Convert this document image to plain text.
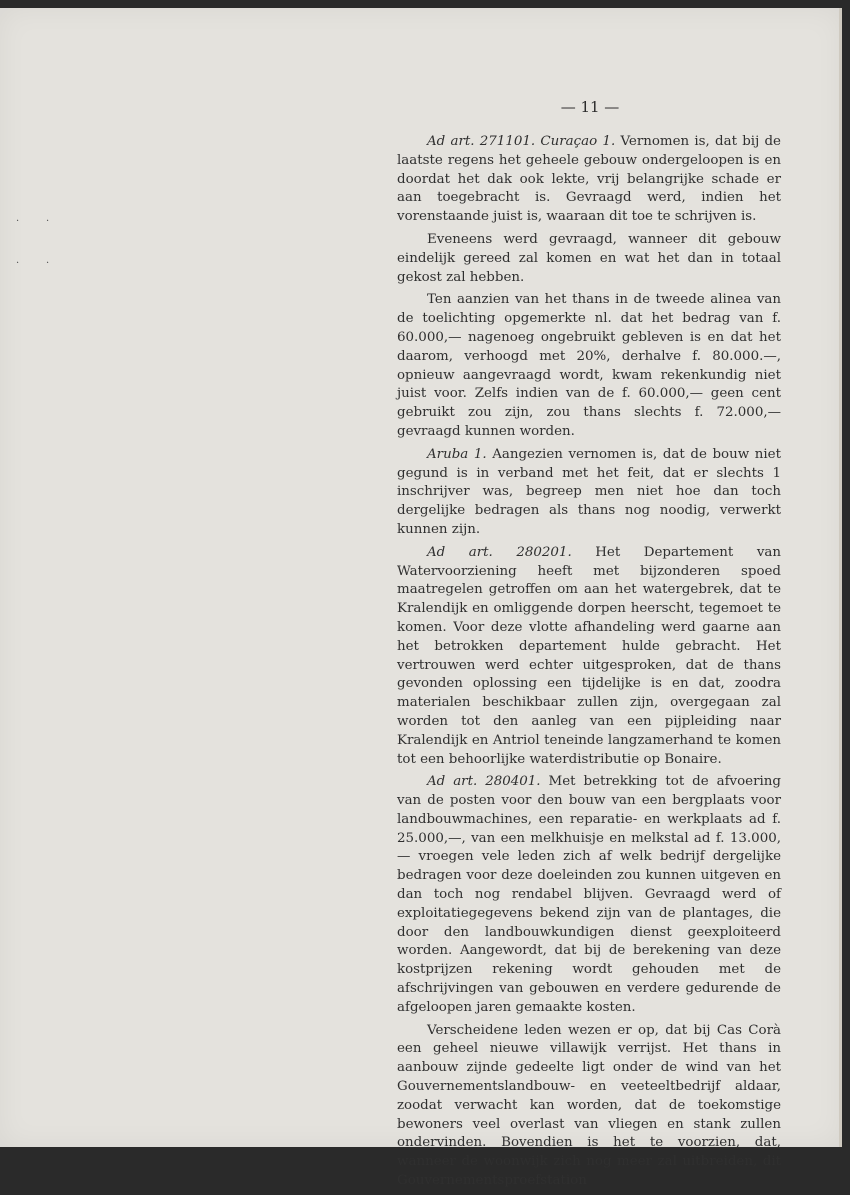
·	·
·	·
— 11 —

Ad art. 271101. Curaçao 1. Vernomen is, dat bij de laatste regens het geheele gebouw ondergeloopen is en doordat het dak ook lekte, vrij belangrijke schade er aan toegebracht is. Gevraagd werd, indien het vorenstaande juist is, waaraan dit toe te schrijven is.

Eveneens werd gevraagd, wanneer dit gebouw eindelijk gereed zal komen en wat het dan in totaal gekost zal hebben.

Ten aanzien van het thans in de tweede alinea van de toelichting opgemerkte nl. dat het bedrag van f. 60.000,— nagenoeg ongebruikt gebleven is en dat het daarom, verhoogd met 20%, derhalve f. 80.000.—, opnieuw aangevraagd wordt, kwam rekenkundig niet juist voor. Zelfs indien van de f. 60.000,— geen cent gebruikt zou zijn, zou thans slechts f. 72.000,— gevraagd kunnen worden.

Aruba 1. Aangezien vernomen is, dat de bouw niet gegund is in verband met het feit, dat er slechts 1 inschrijver was, begreep men niet hoe dan toch dergelijke bedragen als thans nog noodig, verwerkt kunnen zijn.

Ad art. 280201. Het Departement van Watervoorziening heeft met bijzonderen spoed maatregelen getroffen om aan het watergebrek, dat te Kralendijk en omliggende dorpen heerscht, tegemoet te komen. Voor deze vlotte afhandeling werd gaarne aan het betrokken departement hulde gebracht. Het vertrouwen werd echter uitgesproken, dat de thans gevonden oplossing een tijdelijke is en dat, zoodra materialen beschikbaar zullen zijn, overgegaan zal worden tot den aanleg van een pijpleiding naar Kralendijk en Antriol teneinde langzamerhand te komen tot een behoorlijke waterdistributie op Bonaire.

Ad art. 280401. Met betrekking tot de afvoering van de posten voor den bouw van een bergplaats voor landbouwmachines, een reparatie- en werkplaats ad f. 25.000,—, van een melkhuisje en melkstal ad f. 13.000,— vroegen vele leden zich af welk bedrijf dergelijke bedragen voor deze doeleinden zou kunnen uitgeven en dan toch nog rendabel blijven. Gevraagd werd of exploitatiegegevens bekend zijn van de plantages, die door den landbouwkundigen dienst geexploiteerd worden. Aangewordt, dat bij de berekening van deze kostprijzen rekening wordt gehouden met de afschrijvingen van gebouwen en verdere gedurende de afgeloopen jaren gemaakte kosten.

Verscheidene leden wezen er op, dat bij Cas Corà een geheel nieuwe villawijk verrijst. Het thans in aanbouw zijnde gedeelte ligt onder de wind van het Gouvernementslandbouw- en veeteeltbedrijf aldaar, zoodat verwacht kan worden, dat de toekomstige bewoners veel overlast van vliegen en stank zullen ondervinden. Bovendien is het te voorzien, dat, wanneer de woonwijk zich nog meer zal uitbreiden, dit Gouvernementsproefstation
